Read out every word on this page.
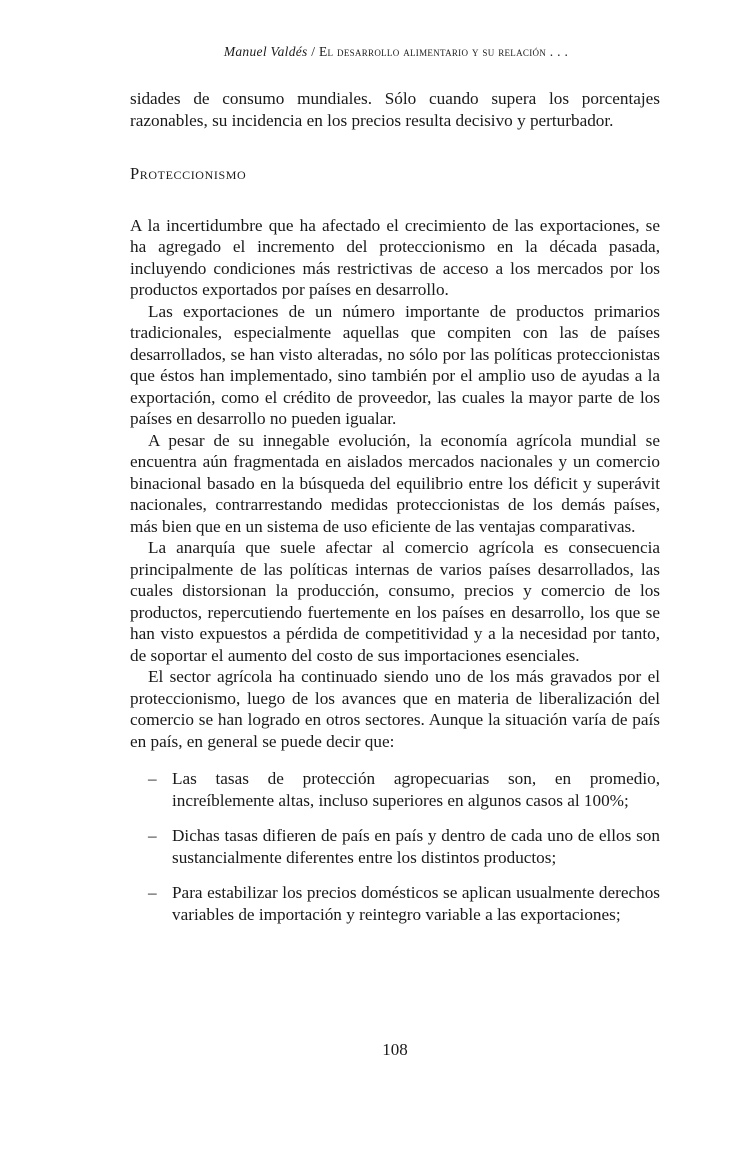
Manuel Valdés / El desarrollo alimentario y su relación . . .

sidades de consumo mundiales. Sólo cuando supera los porcentajes razonables, su incidencia en los precios resulta decisivo y perturbador.

Proteccionismo

A la incertidumbre que ha afectado el crecimiento de las exportaciones, se ha agregado el incremento del proteccionismo en la década pasada, incluyendo condiciones más restrictivas de acceso a los mercados por los productos exportados por países en desarrollo.

Las exportaciones de un número importante de productos primarios tradicionales, especialmente aquellas que compiten con las de países desarrollados, se han visto alteradas, no sólo por las políticas proteccionistas que éstos han implementado, sino también por el amplio uso de ayudas a la exportación, como el crédito de proveedor, las cuales la mayor parte de los países en desarrollo no pueden igualar.

A pesar de su innegable evolución, la economía agrícola mundial se encuentra aún fragmentada en aislados mercados nacionales y un comercio binacional basado en la búsqueda del equilibrio entre los déficit y superávit nacionales, contrarrestando medidas proteccionistas de los demás países, más bien que en un sistema de uso eficiente de las ventajas comparativas.

La anarquía que suele afectar al comercio agrícola es consecuencia principalmente de las políticas internas de varios países desarrollados, las cuales distorsionan la producción, consumo, precios y comercio de los productos, repercutiendo fuertemente en los países en desarrollo, los que se han visto expuestos a pérdida de competitividad y a la necesidad por tanto, de soportar el aumento del costo de sus importaciones esenciales.

El sector agrícola ha continuado siendo uno de los más gravados por el proteccionismo, luego de los avances que en materia de liberalización del comercio se han logrado en otros sectores. Aunque la situación varía de país en país, en general se puede decir que:

– Las tasas de protección agropecuarias son, en promedio, increíblemente altas, incluso superiores en algunos casos al 100%;
– Dichas tasas difieren de país en país y dentro de cada uno de ellos son sustancialmente diferentes entre los distintos productos;
– Para estabilizar los precios domésticos se aplican usualmente derechos variables de importación y reintegro variable a las exportaciones;
108
